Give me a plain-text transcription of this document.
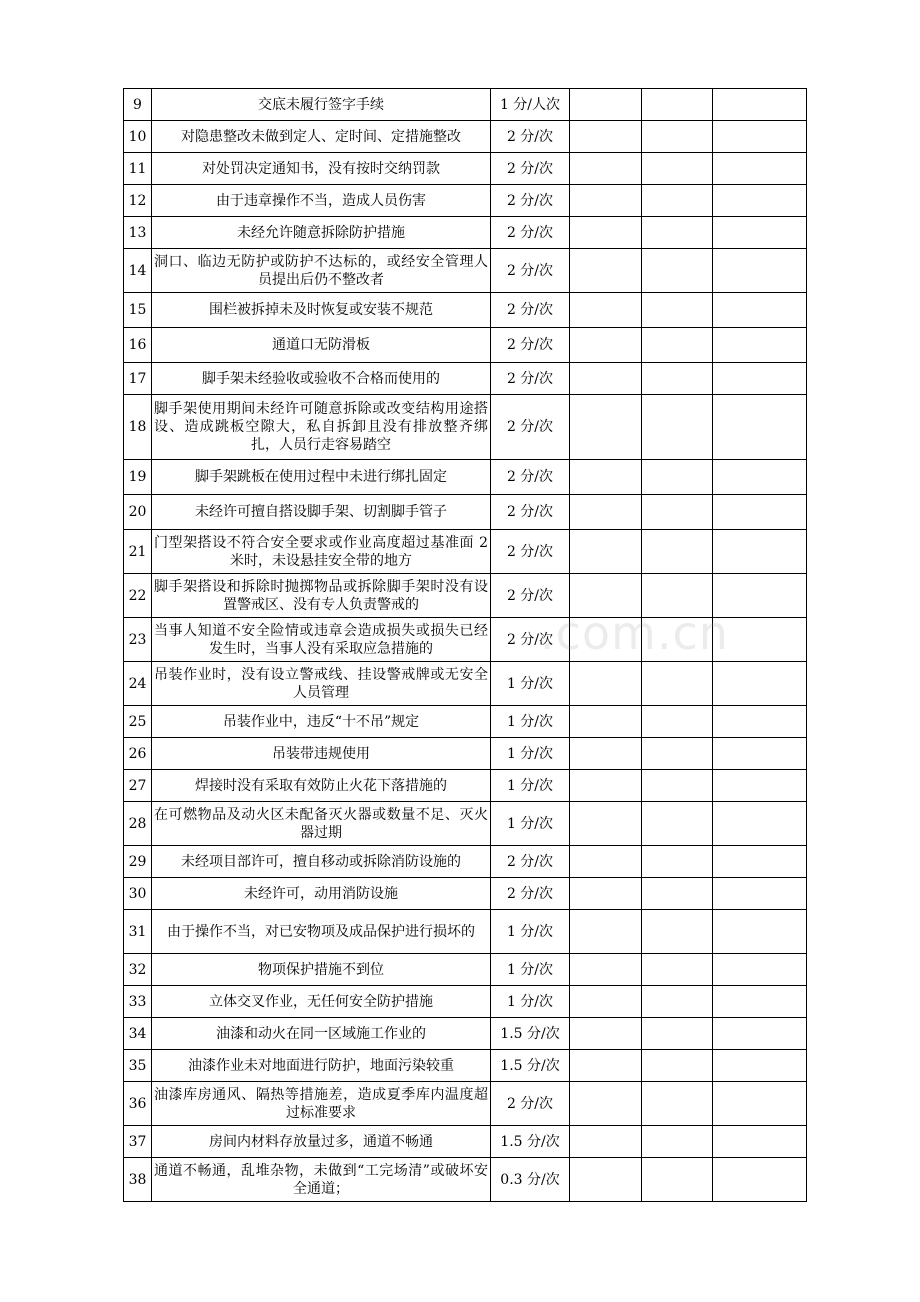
9	交底未履行签字手续	1 分/人次			
10	对隐患整改未做到定人、定时间、定措施整改	2 分/次			
11	对处罚决定通知书，没有按时交纳罚款	2 分/次			
12	由于违章操作不当，造成人员伤害	2 分/次			
13	未经允许随意拆除防护措施	2 分/次			
14	洞口、临边无防护或防护不达标的，或经安全管理人员提出后仍不整改者	2 分/次			
15	围栏被拆掉未及时恢复或安装不规范	2 分/次			
16	通道口无防滑板	2 分/次			
17	脚手架未经验收或验收不合格而使用的	2 分/次			
18	脚手架使用期间未经许可随意拆除或改变结构用途搭设、造成跳板空隙大，私自拆卸且没有排放整齐绑扎，人员行走容易踏空	2 分/次			
19	脚手架跳板在使用过程中未进行绑扎固定	2 分/次			
20	未经许可擅自搭设脚手架、切割脚手管子	2 分/次			
21	门型架搭设不符合安全要求或作业高度超过基准面 2 米时，未设悬挂安全带的地方	2 分/次			
22	脚手架搭设和拆除时抛掷物品或拆除脚手架时没有设置警戒区、没有专人负责警戒的	2 分/次			
23	当事人知道不安全险情或违章会造成损失或损失已经发生时，当事人没有采取应急措施的	2 分/次			
24	吊装作业时，没有设立警戒线、挂设警戒牌或无安全人员管理	1 分/次			
25	吊装作业中，违反“十不吊”规定	1 分/次			
26	吊装带违规使用	1 分/次			
27	焊接时没有采取有效防止火花下落措施的	1 分/次			
28	在可燃物品及动火区未配备灭火器或数量不足、灭火器过期	1 分/次			
29	未经项目部许可，擅自移动或拆除消防设施的	2 分/次			
30	未经许可，动用消防设施	2 分/次			
31	由于操作不当，对已安物项及成品保护进行损坏的	1 分/次			
32	物项保护措施不到位	1 分/次			
33	立体交叉作业，无任何安全防护措施	1 分/次			
34	油漆和动火在同一区域施工作业的	1.5 分/次			
35	油漆作业未对地面进行防护，地面污染较重	1.5 分/次			
36	油漆库房通风、隔热等措施差，造成夏季库内温度超过标准要求	2 分/次			
37	房间内材料存放量过多，通道不畅通	1.5 分/次			
38	通道不畅通，乱堆杂物，未做到“工完场清”或破坏安全通道；	0.3 分/次			
.com.cn
